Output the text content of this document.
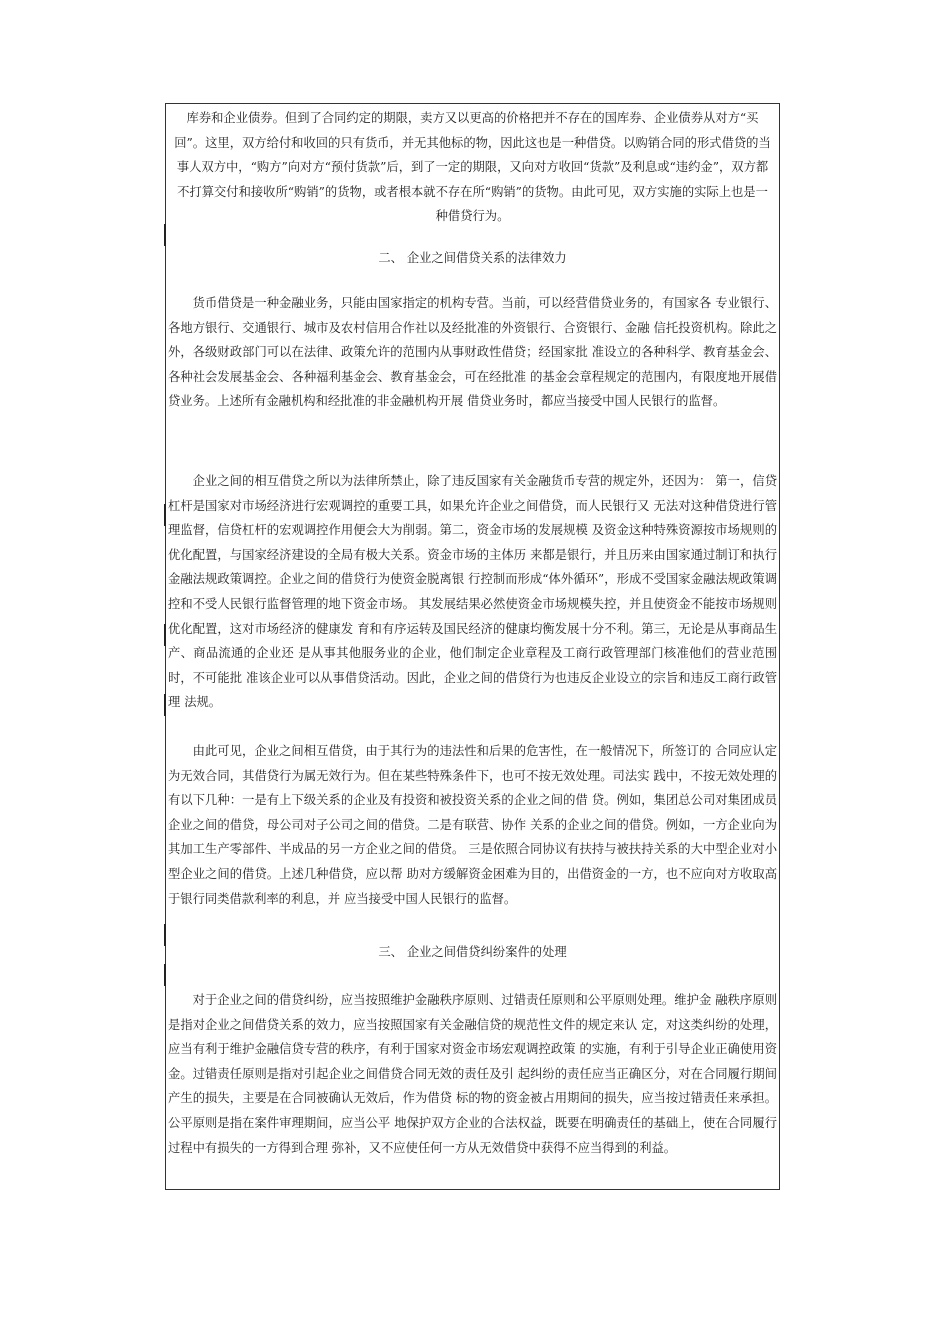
库券和企业债券。但到了合同约定的期限，卖方又以更高的价格把并不存在的国库券、企业债券从对方“买回”。这里，双方给付和收回的只有货币，并无其他标的物，因此这也是一种借贷。以购销合同的形式借贷的当事人双方中，“购方”向对方“预付货款”后，到了一定的期限，又向对方收回“货款”及利息或“违约金”，双方都不打算交付和接收所“购销”的货物，或者根本就不存在所“购销”的货物。由此可见，双方实施的实际上也是一种借贷行为。

二、 企业之间借贷关系的法律效力

货币借贷是一种金融业务，只能由国家指定的机构专营。当前，可以经营借贷业务的，有国家各 专业银行、各地方银行、交通银行、城市及农村信用合作社以及经批准的外资银行、合资银行、金融 信托投资机构。除此之外，各级财政部门可以在法律、政策允许的范围内从事财政性借贷；经国家批 准设立的各种科学、教育基金会、各种社会发展基金会、各种福利基金会、教育基金会，可在经批准 的基金会章程规定的范围内，有限度地开展借贷业务。上述所有金融机构和经批准的非金融机构开展 借贷业务时，都应当接受中国人民银行的监督。

企业之间的相互借贷之所以为法律所禁止，除了违反国家有关金融货币专营的规定外，还因为： 第一，信贷杠杆是国家对市场经济进行宏观调控的重要工具，如果允许企业之间借贷，而人民银行又 无法对这种借贷进行管理监督，信贷杠杆的宏观调控作用便会大为削弱。第二，资金市场的发展规模 及资金这种特殊资源按市场规则的优化配置，与国家经济建设的全局有极大关系。资金市场的主体历 来都是银行，并且历来由国家通过制订和执行金融法规政策调控。企业之间的借贷行为使资金脱离银 行控制而形成“体外循环”，形成不受国家金融法规政策调控和不受人民银行监督管理的地下资金市场。 其发展结果必然使资金市场规模失控，并且使资金不能按市场规则优化配置，这对市场经济的健康发 育和有序运转及国民经济的健康均衡发展十分不利。第三，无论是从事商品生产、商品流通的企业还 是从事其他服务业的企业，他们制定企业章程及工商行政管理部门核准他们的营业范围时，不可能批 准该企业可以从事借贷活动。因此，企业之间的借贷行为也违反企业设立的宗旨和违反工商行政管理 法规。

由此可见，企业之间相互借贷，由于其行为的违法性和后果的危害性，在一般情况下，所签订的 合同应认定为无效合同，其借贷行为属无效行为。但在某些特殊条件下，也可不按无效处理。司法实 践中，不按无效处理的有以下几种：一是有上下级关系的企业及有投资和被投资关系的企业之间的借 贷。例如，集团总公司对集团成员企业之间的借贷，母公司对子公司之间的借贷。二是有联营、协作 关系的企业之间的借贷。例如，一方企业向为其加工生产零部件、半成品的另一方企业之间的借贷。 三是依照合同协议有扶持与被扶持关系的大中型企业对小型企业之间的借贷。上述几种借贷，应以帮 助对方缓解资金困难为目的，出借资金的一方，也不应向对方收取高于银行同类借款利率的利息，并 应当接受中国人民银行的监督。

三、 企业之间借贷纠纷案件的处理

对于企业之间的借贷纠纷，应当按照维护金融秩序原则、过错责任原则和公平原则处理。维护金 融秩序原则是指对企业之间借贷关系的效力，应当按照国家有关金融信贷的规范性文件的规定来认 定，对这类纠纷的处理，应当有利于维护金融信贷专营的秩序，有利于国家对资金市场宏观调控政策 的实施，有利于引导企业正确使用资金。过错责任原则是指对引起企业之间借贷合同无效的责任及引 起纠纷的责任应当正确区分，对在合同履行期间产生的损失，主要是在合同被确认无效后，作为借贷 标的物的资金被占用期间的损失，应当按过错责任来承担。公平原则是指在案件审理期间，应当公平 地保护双方企业的合法权益，既要在明确责任的基础上，使在合同履行过程中有损失的一方得到合理 弥补，又不应使任何一方从无效借贷中获得不应当得到的利益。
